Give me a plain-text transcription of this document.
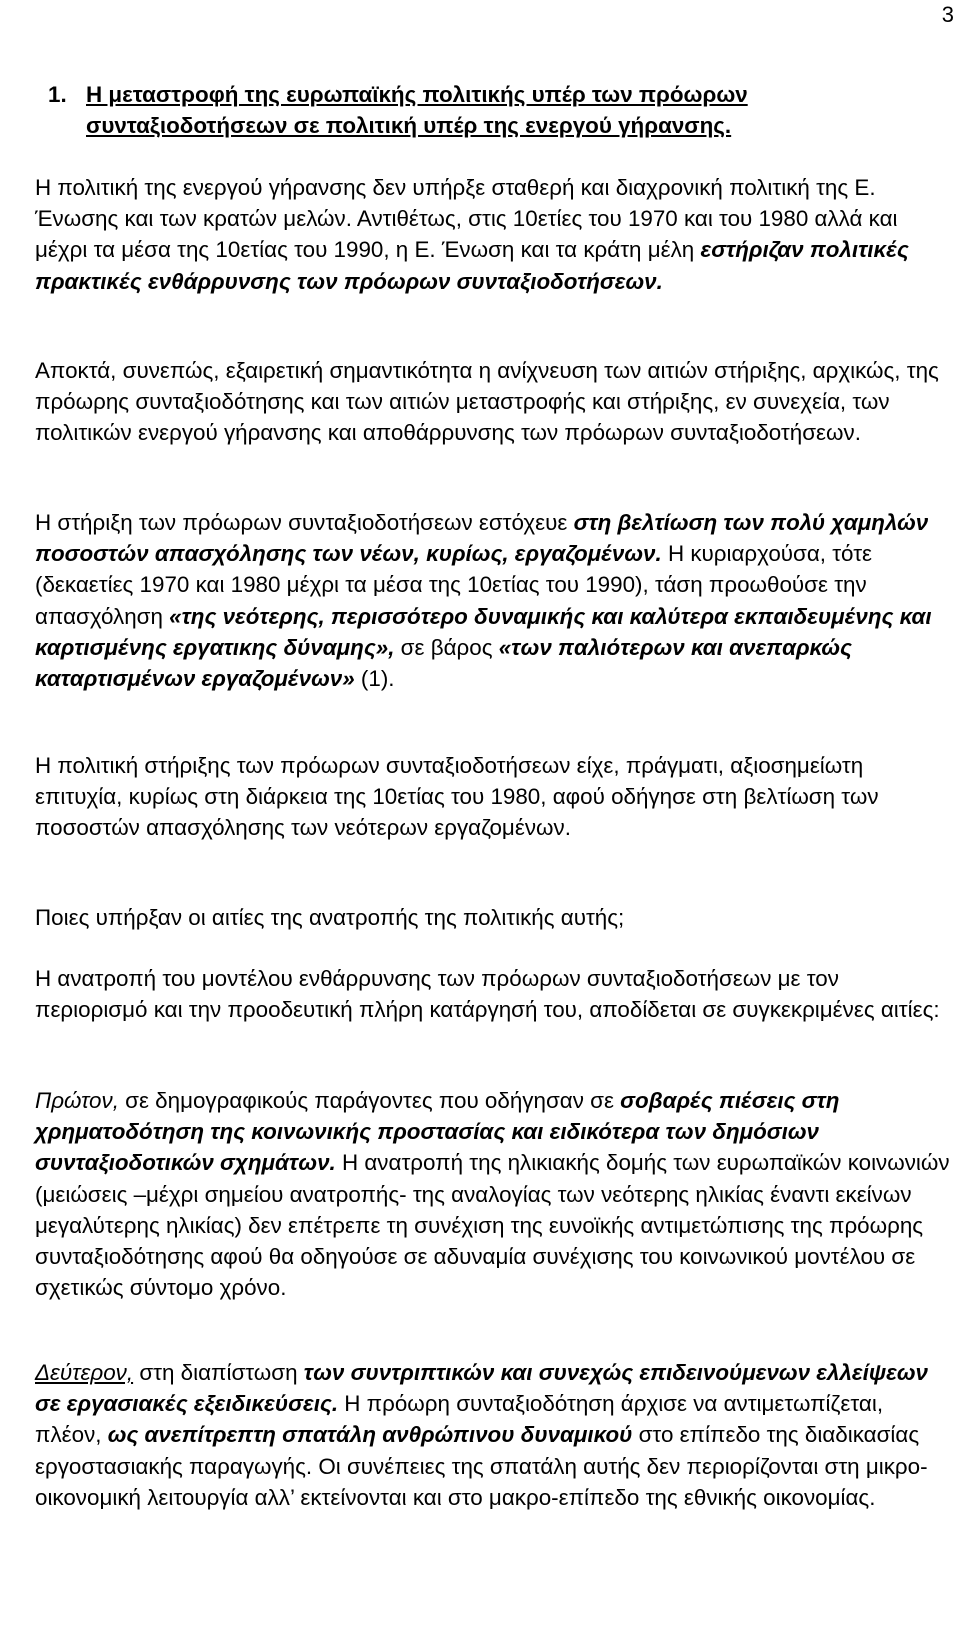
3
1. Η μεταστροφή της ευρωπαϊκής πολιτικής υπέρ των πρόωρων συνταξιοδοτήσεων σε πολιτική υπέρ της ενεργού γήρανσης.

Η πολιτική της ενεργού γήρανσης δεν υπήρξε σταθερή και διαχρονική πολιτική της Ε. Ένωσης και των κρατών μελών. Αντιθέτως, στις 10ετίες του 1970 και του 1980 αλλά και μέχρι τα μέσα της 10ετίας του 1990, η Ε. Ένωση και τα κράτη μέλη εστήριζαν πολιτικές πρακτικές ενθάρρυνσης των πρόωρων συνταξιοδοτήσεων.

Αποκτά, συνεπώς, εξαιρετική σημαντικότητα η ανίχνευση των αιτιών στήριξης, αρχικώς, της πρόωρης συνταξιοδότησης και των αιτιών μεταστροφής και στήριξης, εν συνεχεία, των πολιτικών ενεργού γήρανσης και αποθάρρυνσης των πρόωρων συνταξιοδοτήσεων.

Η στήριξη των πρόωρων συνταξιοδοτήσεων εστόχευε στη βελτίωση των πολύ χαμηλών ποσοστών απασχόλησης των νέων, κυρίως, εργαζομένων. Η κυριαρχούσα, τότε (δεκαετίες 1970 και 1980 μέχρι τα μέσα της 10ετίας του 1990), τάση προωθούσε την απασχόληση «της νεότερης, περισσότερο δυναμικής και καλύτερα εκπαιδευμένης και καρτισμένης εργατικης δύναμης», σε βάρος «των παλιότερων και ανεπαρκώς καταρτισμένων εργαζομένων» (1).

Η πολιτική στήριξης των πρόωρων συνταξιοδοτήσεων είχε, πράγματι, αξιοσημείωτη επιτυχία, κυρίως στη διάρκεια της 10ετίας του 1980, αφού οδήγησε στη βελτίωση των ποσοστών απασχόλησης των νεότερων εργαζομένων.

Ποιες υπήρξαν οι αιτίες της ανατροπής της πολιτικής αυτής;

Η ανατροπή του μοντέλου ενθάρρυνσης των πρόωρων συνταξιοδοτήσεων με τον περιορισμό και την προοδευτική πλήρη κατάργησή του, αποδίδεται σε συγκεκριμένες αιτίες:

Πρώτον, σε δημογραφικούς παράγοντες που οδήγησαν σε σοβαρές πιέσεις στη χρηματοδότηση της κοινωνικής προστασίας και ειδικότερα των δημόσιων συνταξιοδοτικών σχημάτων. Η ανατροπή της ηλικιακής δομής των ευρωπαϊκών κοινωνιών (μειώσεις –μέχρι σημείου ανατροπής- της αναλογίας των νεότερης ηλικίας έναντι εκείνων μεγαλύτερης ηλικίας) δεν επέτρεπε τη συνέχιση της ευνοϊκής αντιμετώπισης της πρόωρης συνταξιοδότησης αφού θα οδηγούσε σε αδυναμία συνέχισης του κοινωνικού μοντέλου σε σχετικώς σύντομο χρόνο.

Δεύτερον, στη διαπίστωση των συντριπτικών και συνεχώς επιδεινούμενων ελλείψεων σε εργασιακές εξειδικεύσεις. Η πρόωρη συνταξιοδότηση άρχισε να αντιμετωπίζεται, πλέον, ως ανεπίτρεπτη σπατάλη ανθρώπινου δυναμικού στο επίπεδο της διαδικασίας εργοστασιακής παραγωγής. Οι συνέπειες της σπατάλη αυτής δεν περιορίζονται στη μικρο-οικονομική λειτουργία αλλ’ εκτείνονται και στο μακρο-επίπεδο της εθνικής οικονομίας.
